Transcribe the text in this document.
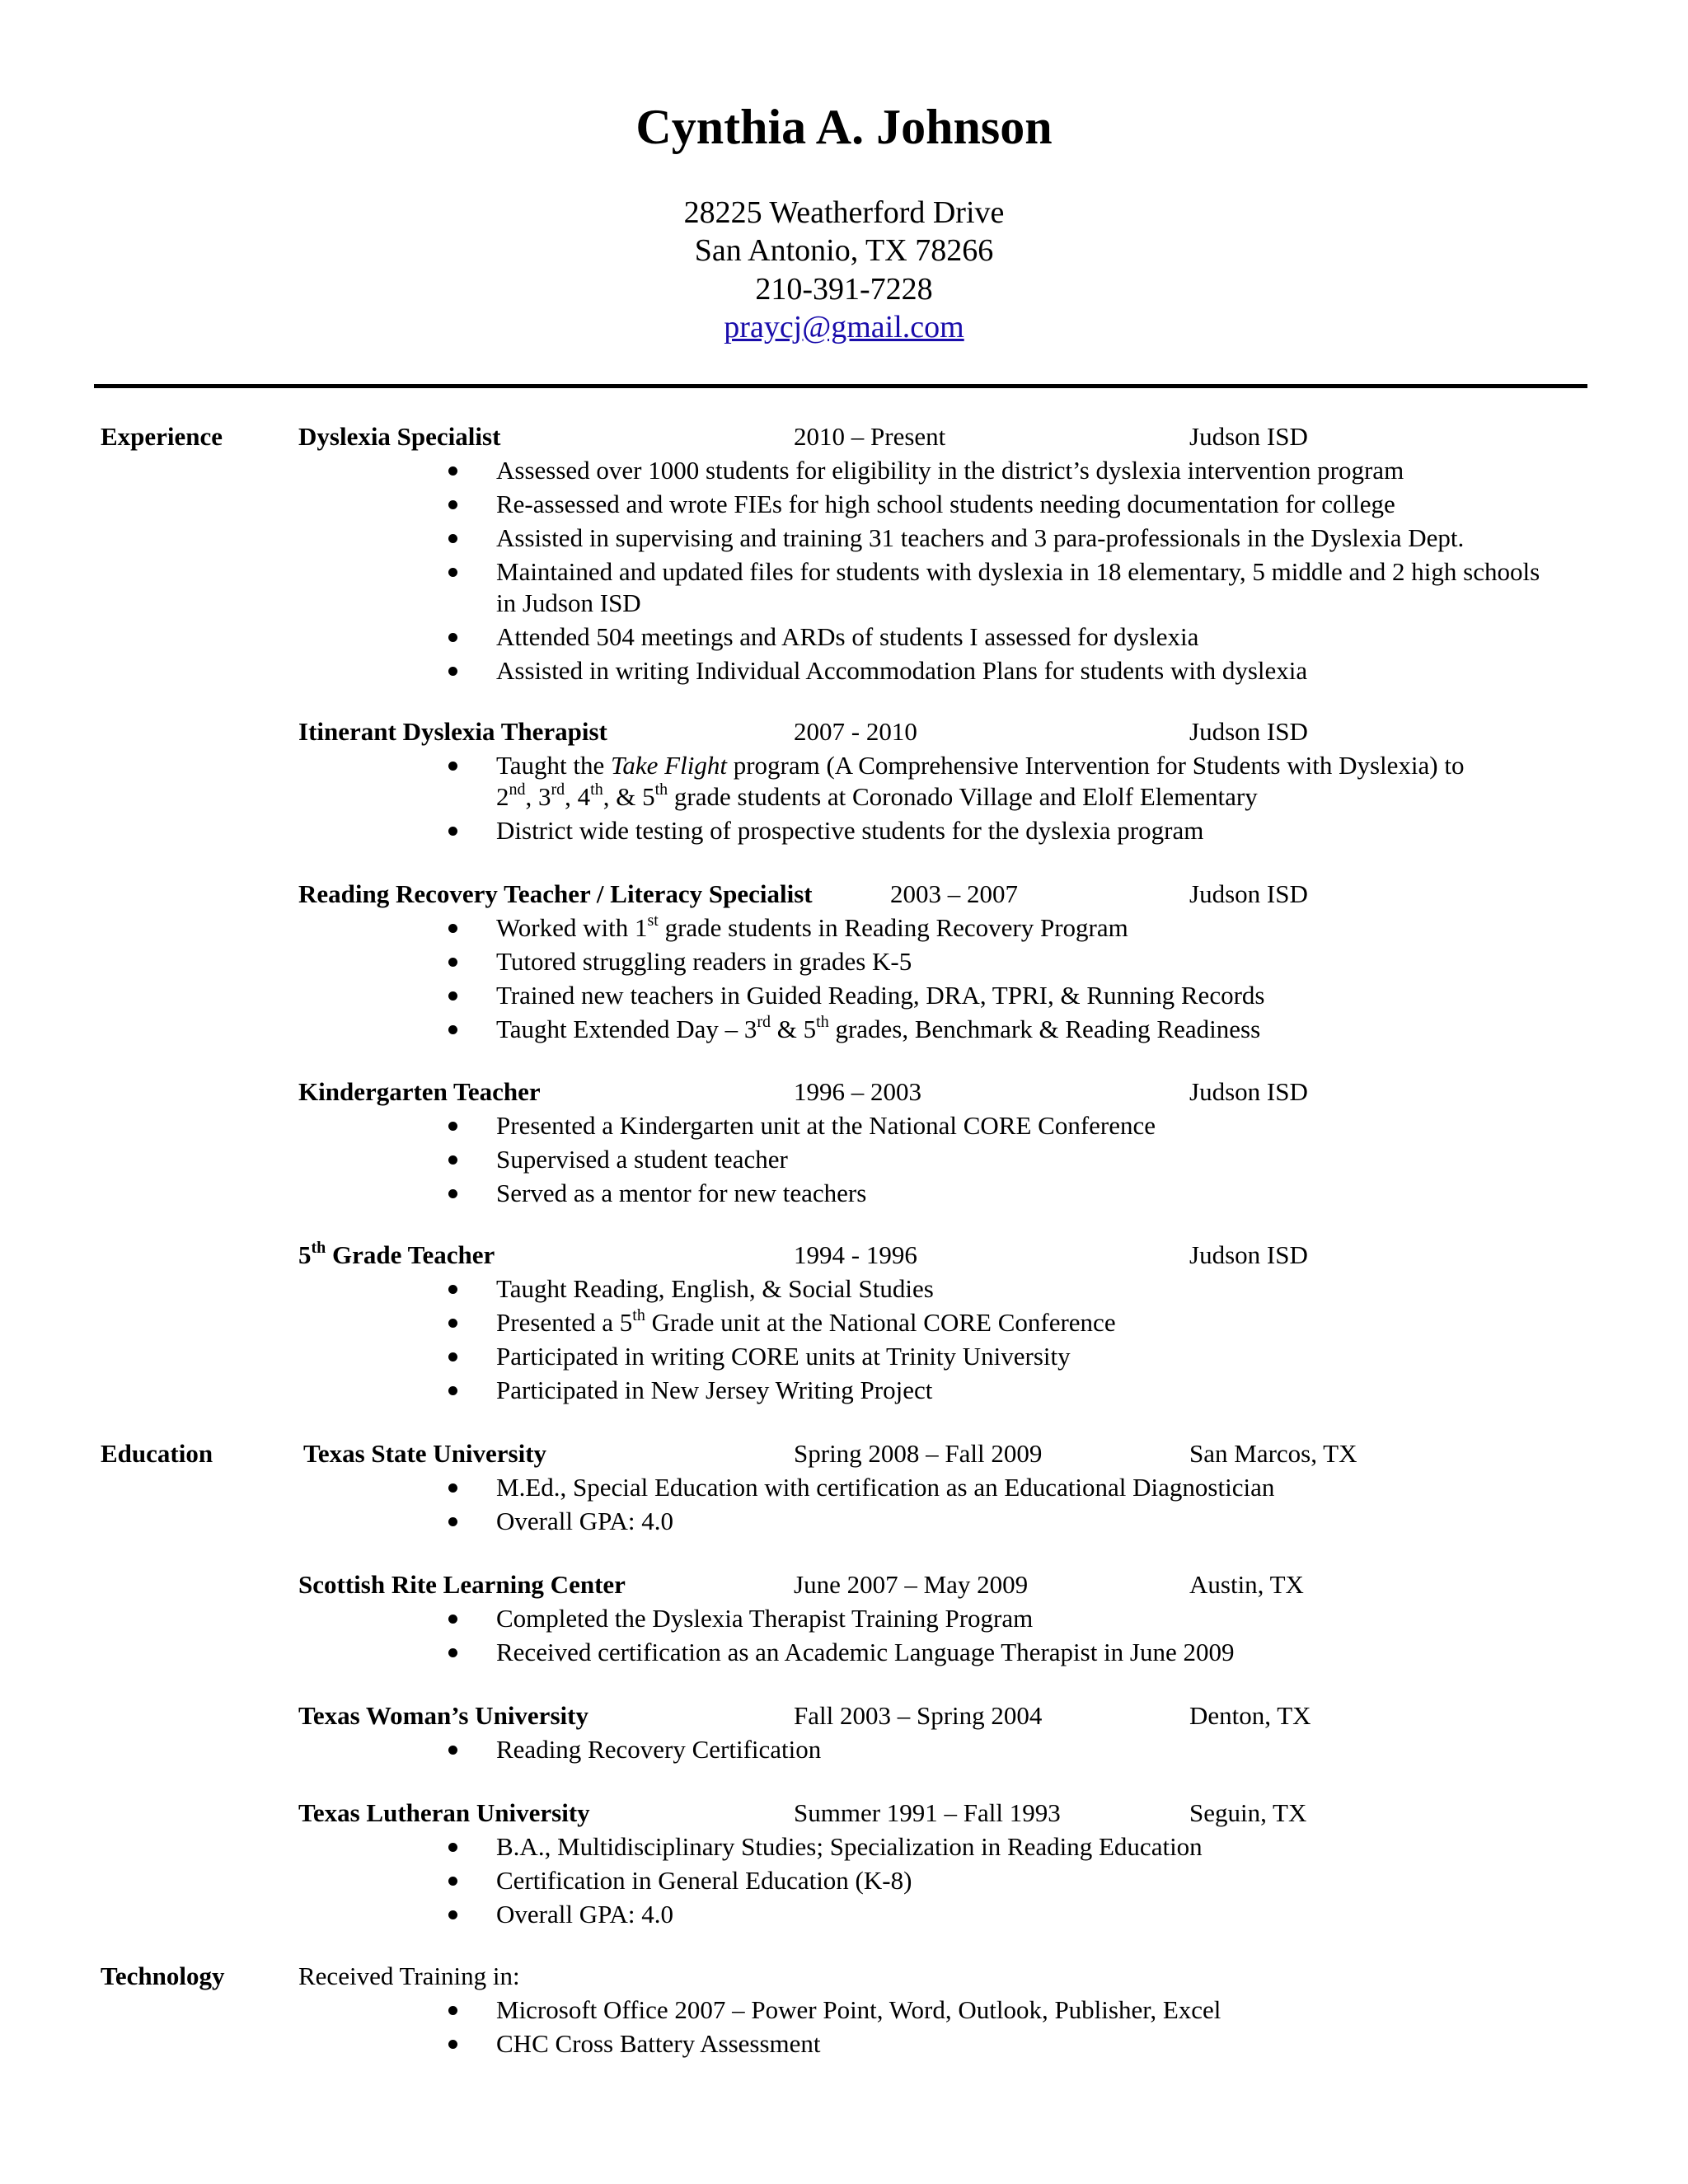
Cynthia A. Johnson
28225 Weatherford Drive
San Antonio, TX 78266
210-391-7228
praycj@gmail.com
Experience	Dyslexia Specialist	2010 – Present	Judson ISD
Assessed over 1000 students for eligibility in the district’s dyslexia intervention program
Re-assessed and wrote FIEs for high school students needing documentation for college
Assisted in supervising and training 31 teachers and 3 para-professionals in the Dyslexia Dept.
Maintained and updated files for students with dyslexia in 18 elementary, 5 middle and 2 high schools in Judson ISD
Attended 504 meetings and ARDs of students I assessed for dyslexia
Assisted in writing Individual Accommodation Plans for students with dyslexia
Itinerant Dyslexia Therapist	2007 - 2010	Judson ISD
Taught the Take Flight program (A Comprehensive Intervention for Students with Dyslexia) to
2nd, 3rd, 4th, & 5th grade students at Coronado Village and Elolf Elementary
District wide testing of prospective students for the dyslexia program
Reading Recovery Teacher / Literacy Specialist	2003 – 2007	Judson ISD
Worked with 1st grade students in Reading Recovery Program
Tutored struggling readers in grades K-5
Trained new teachers in Guided Reading, DRA, TPRI, & Running Records
Taught Extended Day – 3rd & 5th grades, Benchmark & Reading Readiness
Kindergarten Teacher	1996 – 2003	Judson ISD
Presented a Kindergarten unit at the National CORE Conference
Supervised a student teacher
Served as a mentor for new teachers
5th Grade Teacher	1994 - 1996	Judson ISD
Taught Reading, English, & Social Studies
Presented a 5th Grade unit at the National CORE Conference
Participated in writing CORE units at Trinity University
Participated in New Jersey Writing Project
Education	Texas State University	Spring 2008 – Fall 2009	San Marcos, TX
M.Ed., Special Education with certification as an Educational Diagnostician
Overall GPA: 4.0
Scottish Rite Learning Center	June 2007 – May 2009	Austin, TX
Completed the Dyslexia Therapist Training Program
Received certification as an Academic Language Therapist in June 2009
Texas Woman’s University	Fall 2003 – Spring 2004	Denton, TX
Reading Recovery Certification
Texas Lutheran University	Summer 1991 – Fall 1993	Seguin, TX
B.A., Multidisciplinary Studies; Specialization in Reading Education
Certification in General Education (K-8)
Overall GPA: 4.0
Technology	Received Training in:
Microsoft Office 2007 – Power Point, Word, Outlook, Publisher, Excel
CHC Cross Battery Assessment
